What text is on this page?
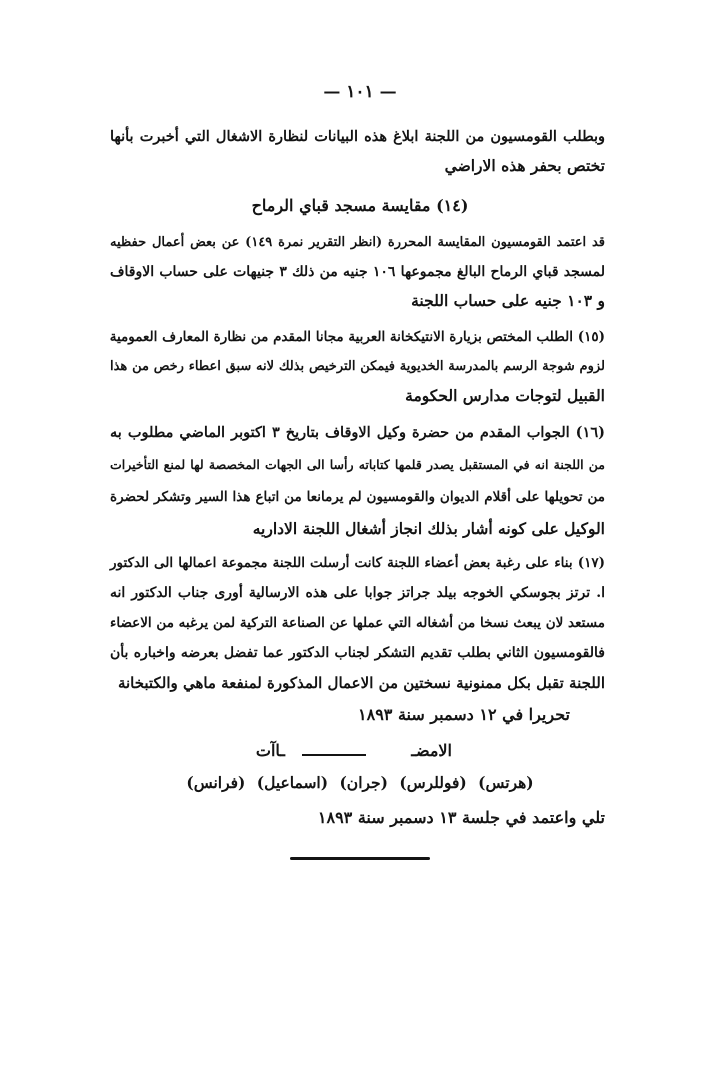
— ١٠١ —
وبطلب القومسيون من اللجنة ابلاغ هذه البيانات لنظارة الاشغال التي أخبرت بأنها
تختص بحفر هذه الاراضي
(١٤) مقايسة مسجد قباي الرماح
قد اعتمد القومسيون المقايسة المحررة (انظر التقرير نمرة ١٤٩) عن بعض أعمال حفظيه
لمسجد قباي الرماح البالغ مجموعها ١٠٦ جنيه من ذلك ٣ جنيهات على حساب الاوقاف
و ١٠٣ جنيه على حساب اللجنة
(١٥) الطلب المختص بزيارة الانتيكخانة العربية مجانا المقدم من نظارة المعارف العمومية
لزوم شوجة الرسم بالمدرسة الخديوية فيمكن الترخيص بذلك لانه سبق اعطاء رخص من هذا
القبيل لتوجات مدارس الحكومة
(١٦) الجواب المقدم من حضرة وكيل الاوقاف بتاريخ ٣ اكتوبر الماضي مطلوب به
من اللجنة انه في المستقبل يصدر قلمها كتاباته رأسا الى الجهات المخصصة لها لمنع التأخيرات
من تحويلها على أقلام الديوان والقومسيون لم يرمانعا من اتباع هذا السير وتشكر لحضرة
الوكيل على كونه أشار بذلك انجاز أشغال اللجنة الاداريه
(١٧) بناء على رغبة بعض أعضاء اللجنة كانت أرسلت اللجنة مجموعة اعمالها الى الدكتور
ا. ترتز بجوسكي الخوجه بيلد جراتز جوابا على هذه الارسالية أورى جناب الدكتور انه
مستعد لان يبعث نسخا من أشغاله التي عملها عن الصناعة التركية لمن يرغبه من الاعضاء
فالقومسيون الثاني بطلب تقديم التشكر لجناب الدكتور عما تفضل بعرضه واخباره بأن
اللجنة تقبل بكل ممنونية نسختين من الاعمال المذكورة لمنفعة ماهي والكتبخانة
تحريرا في ١٢ دسمبر سنة ١٨٩٣
الامضـ
ـاآت
(هرتس) (فوللرس) (جران) (اسماعيل) (فرانس)
تلي واعتمد في جلسة ١٣ دسمبر سنة ١٨٩٣
